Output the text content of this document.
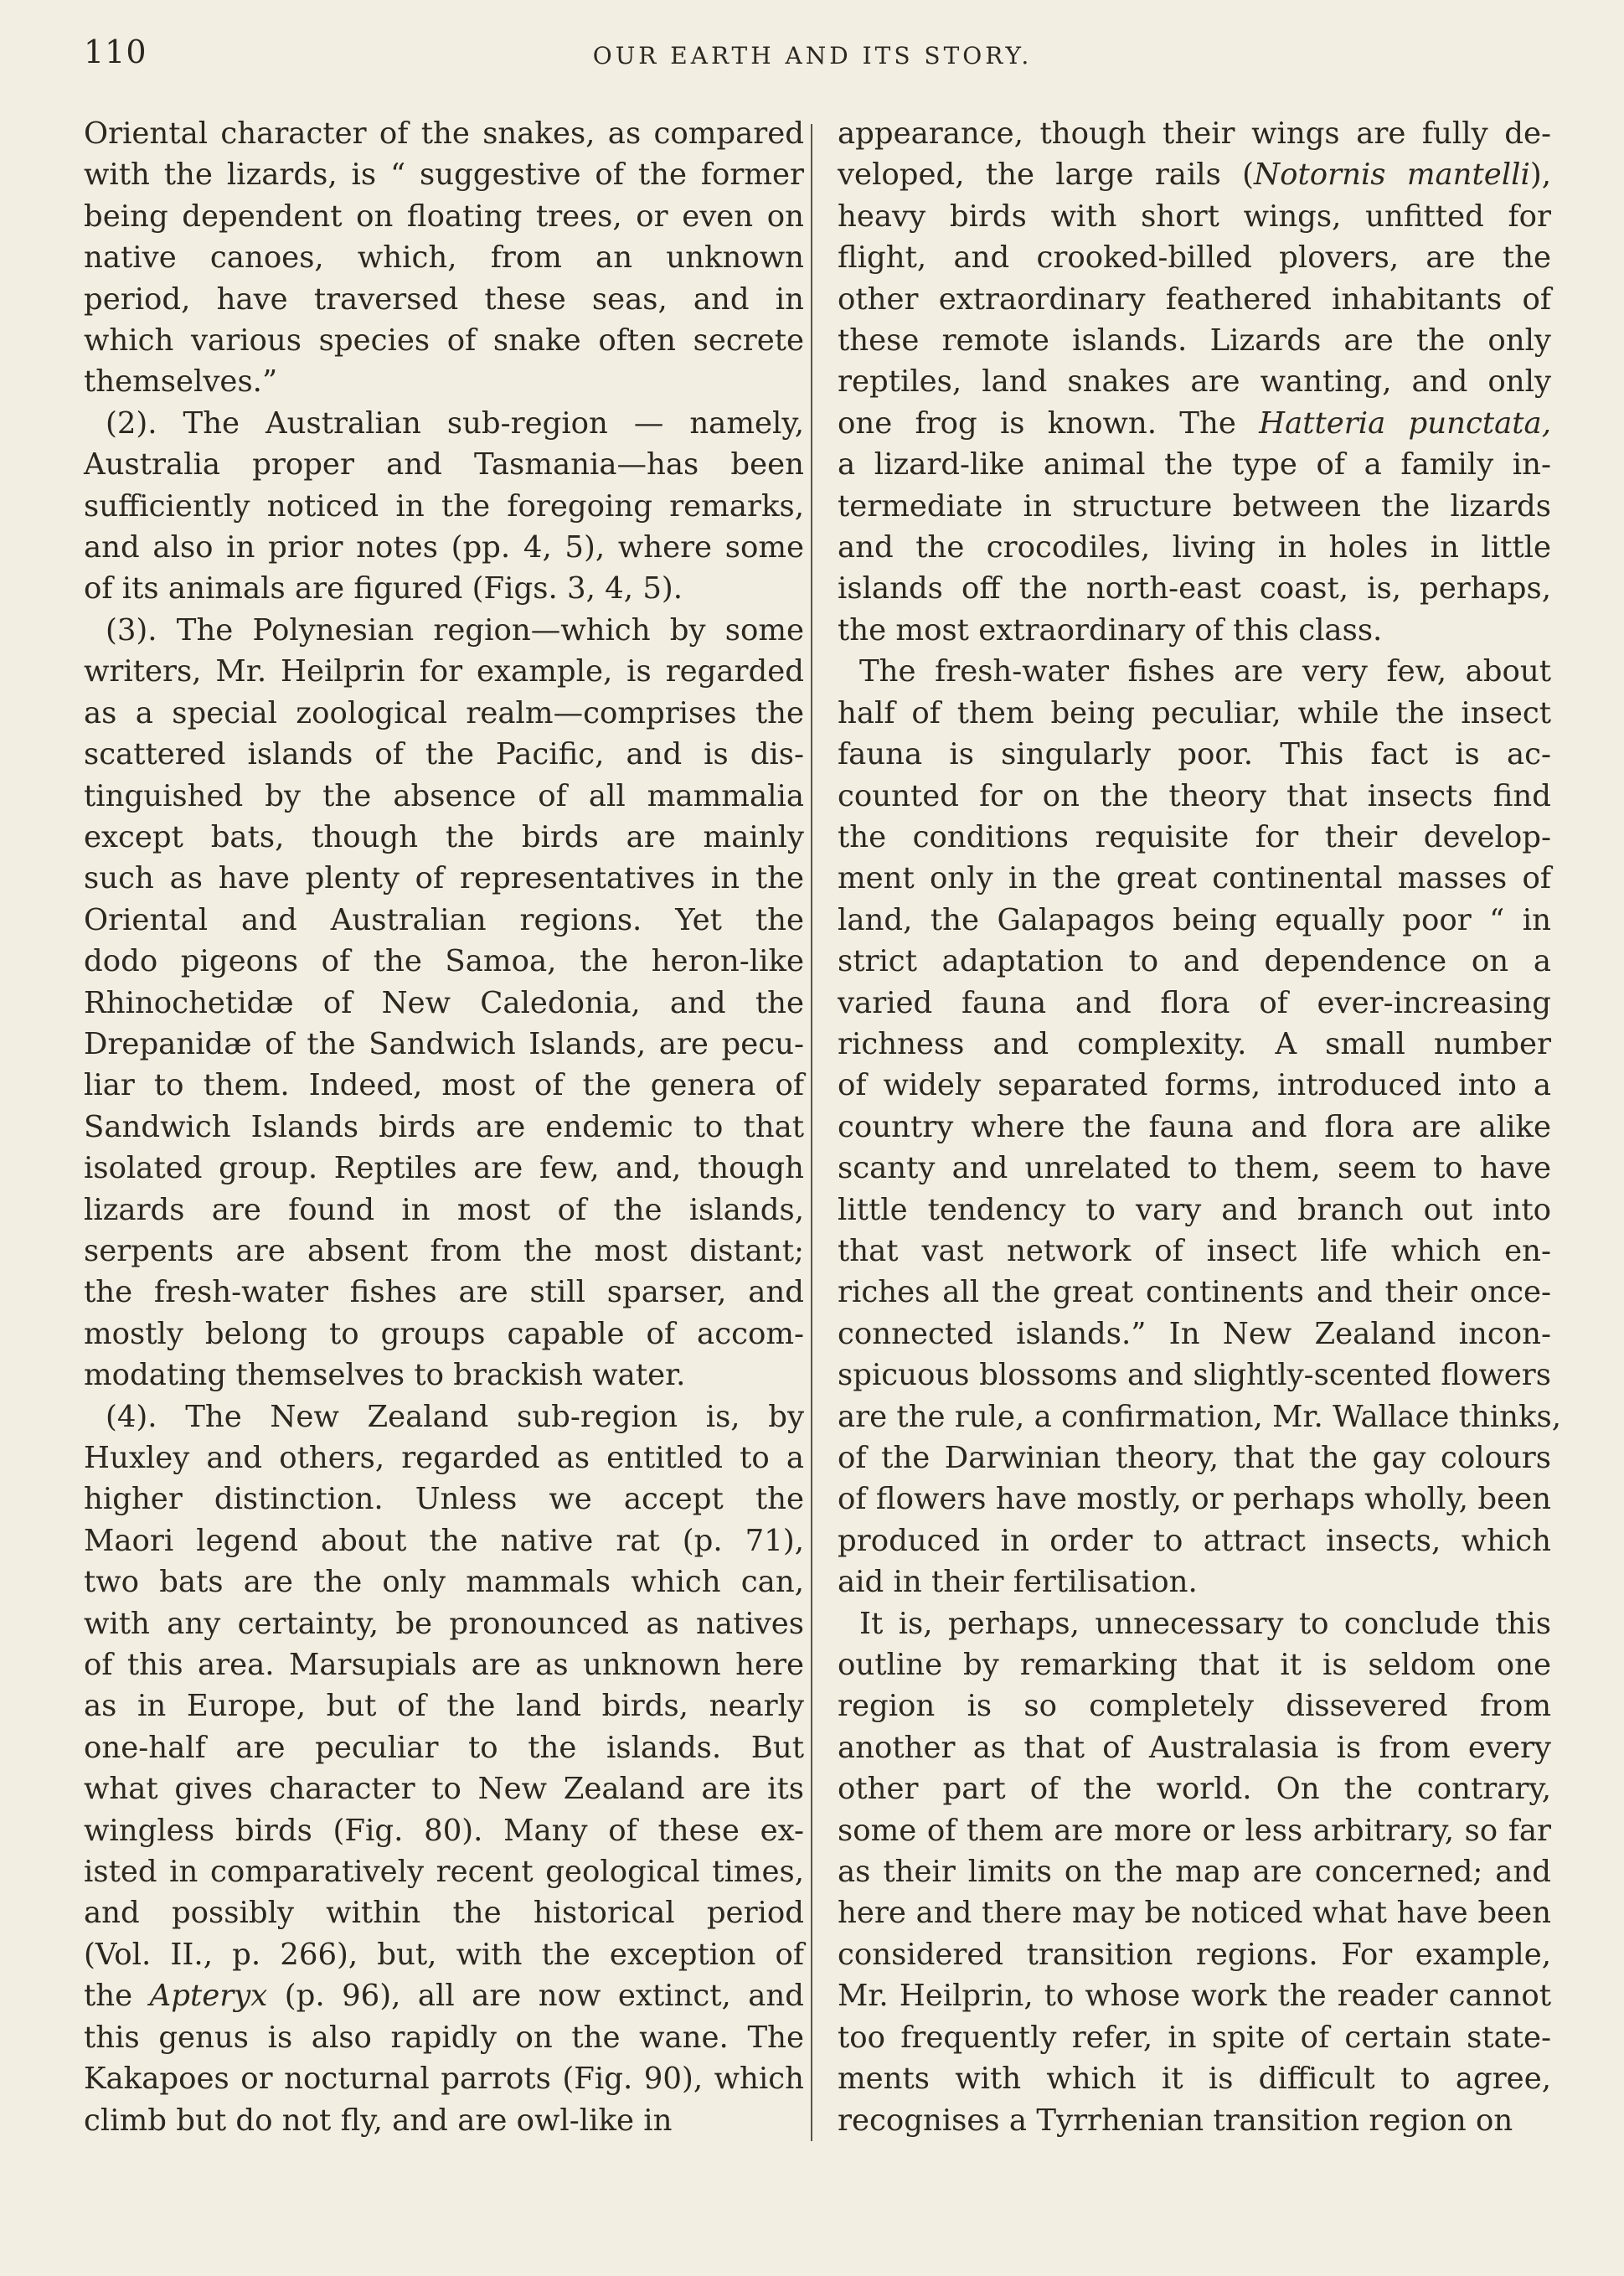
110	OUR EARTH AND ITS STORY.
Oriental character of the snakes, as compared
with the lizards, is “ suggestive of the former
being dependent on floating trees, or even on
native canoes, which, from an unknown
period, have traversed these seas, and in
which various species of snake often secrete
themselves.”
(2). The Australian sub-region — namely,
Australia proper and Tasmania—has been
sufficiently noticed in the foregoing remarks,
and also in prior notes (pp. 4, 5), where some
of its animals are figured (Figs. 3, 4, 5).
(3). The Polynesian region—which by some
writers, Mr. Heilprin for example, is regarded
as a special zoological realm—comprises the
scattered islands of the Pacific, and is dis-
tinguished by the absence of all mammalia
except bats, though the birds are mainly
such as have plenty of representatives in the
Oriental and Australian regions. Yet the
dodo pigeons of the Samoa, the heron-like
Rhinochetidæ of New Caledonia, and the
Drepanidæ of the Sandwich Islands, are pecu-
liar to them. Indeed, most of the genera of
Sandwich Islands birds are endemic to that
isolated group. Reptiles are few, and, though
lizards are found in most of the islands,
serpents are absent from the most distant;
the fresh-water fishes are still sparser, and
mostly belong to groups capable of accom-
modating themselves to brackish water.
(4). The New Zealand sub-region is, by
Huxley and others, regarded as entitled to a
higher distinction. Unless we accept the
Maori legend about the native rat (p. 71),
two bats are the only mammals which can,
with any certainty, be pronounced as natives
of this area. Marsupials are as unknown here
as in Europe, but of the land birds, nearly
one-half are peculiar to the islands. But
what gives character to New Zealand are its
wingless birds (Fig. 80). Many of these ex-
isted in comparatively recent geological times,
and possibly within the historical period
(Vol. II., p. 266), but, with the exception of
the Apteryx (p. 96), all are now extinct, and
this genus is also rapidly on the wane. The
Kakapoes or nocturnal parrots (Fig. 90), which
climb but do not fly, and are owl-like in
appearance, though their wings are fully de-
veloped, the large rails (Notornis mantelli),
heavy birds with short wings, unfitted for
flight, and crooked-billed plovers, are the
other extraordinary feathered inhabitants of
these remote islands. Lizards are the only
reptiles, land snakes are wanting, and only
one frog is known. The Hatteria punctata,
a lizard-like animal the type of a family in-
termediate in structure between the lizards
and the crocodiles, living in holes in little
islands off the north-east coast, is, perhaps,
the most extraordinary of this class.
The fresh-water fishes are very few, about
half of them being peculiar, while the insect
fauna is singularly poor. This fact is ac-
counted for on the theory that insects find
the conditions requisite for their develop-
ment only in the great continental masses of
land, the Galapagos being equally poor “ in
strict adaptation to and dependence on a
varied fauna and flora of ever-increasing
richness and complexity. A small number
of widely separated forms, introduced into a
country where the fauna and flora are alike
scanty and unrelated to them, seem to have
little tendency to vary and branch out into
that vast network of insect life which en-
riches all the great continents and their once-
connected islands.” In New Zealand incon-
spicuous blossoms and slightly-scented flowers
are the rule, a confirmation, Mr. Wallace thinks,
of the Darwinian theory, that the gay colours
of flowers have mostly, or perhaps wholly, been
produced in order to attract insects, which
aid in their fertilisation.
It is, perhaps, unnecessary to conclude this
outline by remarking that it is seldom one
region is so completely dissevered from
another as that of Australasia is from every
other part of the world. On the contrary,
some of them are more or less arbitrary, so far
as their limits on the map are concerned; and
here and there may be noticed what have been
considered transition regions. For example,
Mr. Heilprin, to whose work the reader cannot
too frequently refer, in spite of certain state-
ments with which it is difficult to agree,
recognises a Tyrrhenian transition region on
